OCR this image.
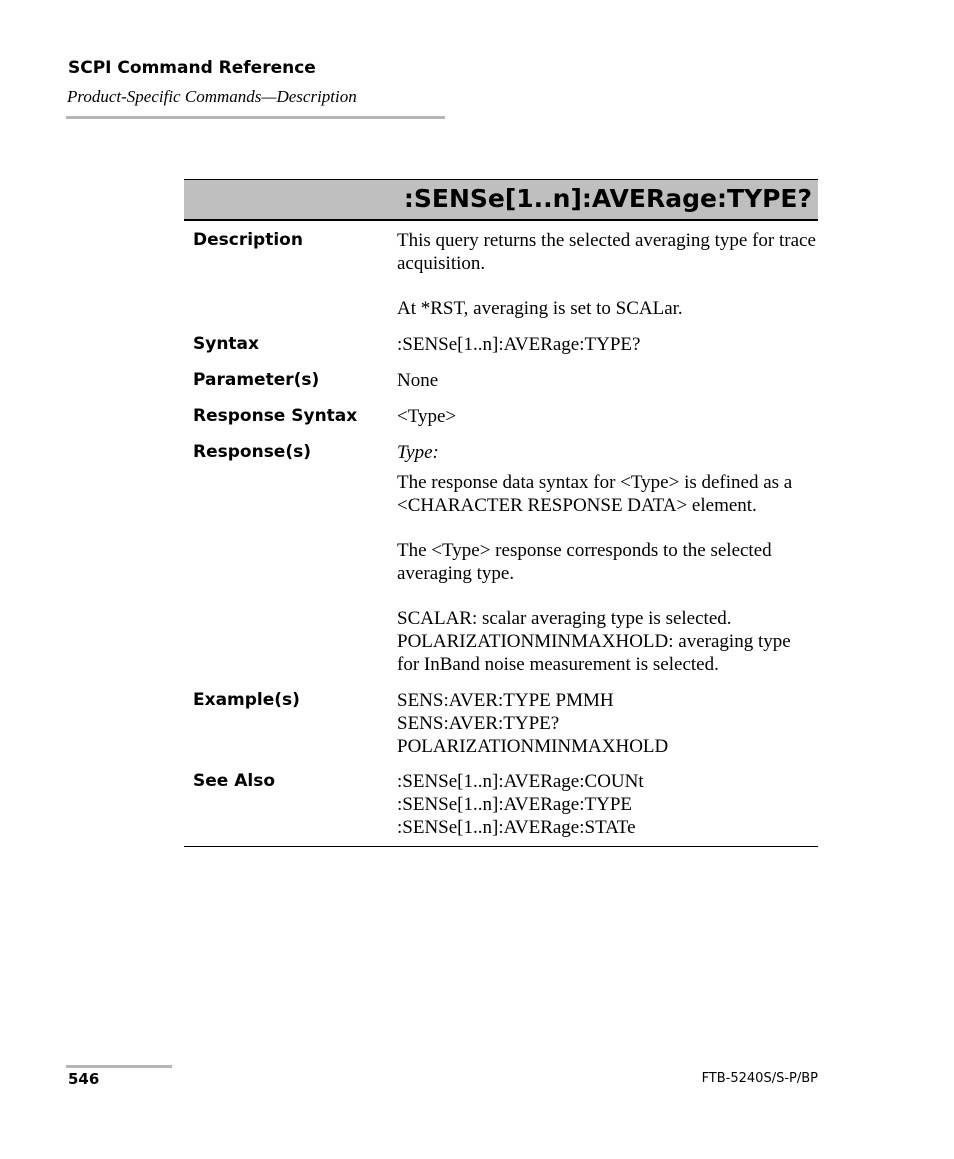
SCPI Command Reference
Product-Specific Commands—Description
:SENSe[1..n]:AVERage:TYPE?
Description	This query returns the selected averaging type for trace acquisition.

At *RST, averaging is set to SCALar.

Syntax	:SENSe[1..n]:AVERage:TYPE?
Parameter(s)	None
Response Syntax <Type>
Response(s)	Type:

The response data syntax for <Type> is defined as a <CHARACTER RESPONSE DATA> element.

The <Type> response corresponds to the selected averaging type.

SCALAR: scalar averaging type is selected.

POLARIZATIONMINMAXHOLD: averaging type for InBand noise measurement is selected.

Example(s)	SENS:AVER:TYPE PMMH

SENS:AVER:TYPE?

POLARIZATIONMINMAXHOLD

See Also	:SENSe[1..n]:AVERage:COUNt

:SENSe[1..n]:AVERage:TYPE

:SENSe[1..n]:AVERage:STATe

546	FTB-5240S/S-P/BP
